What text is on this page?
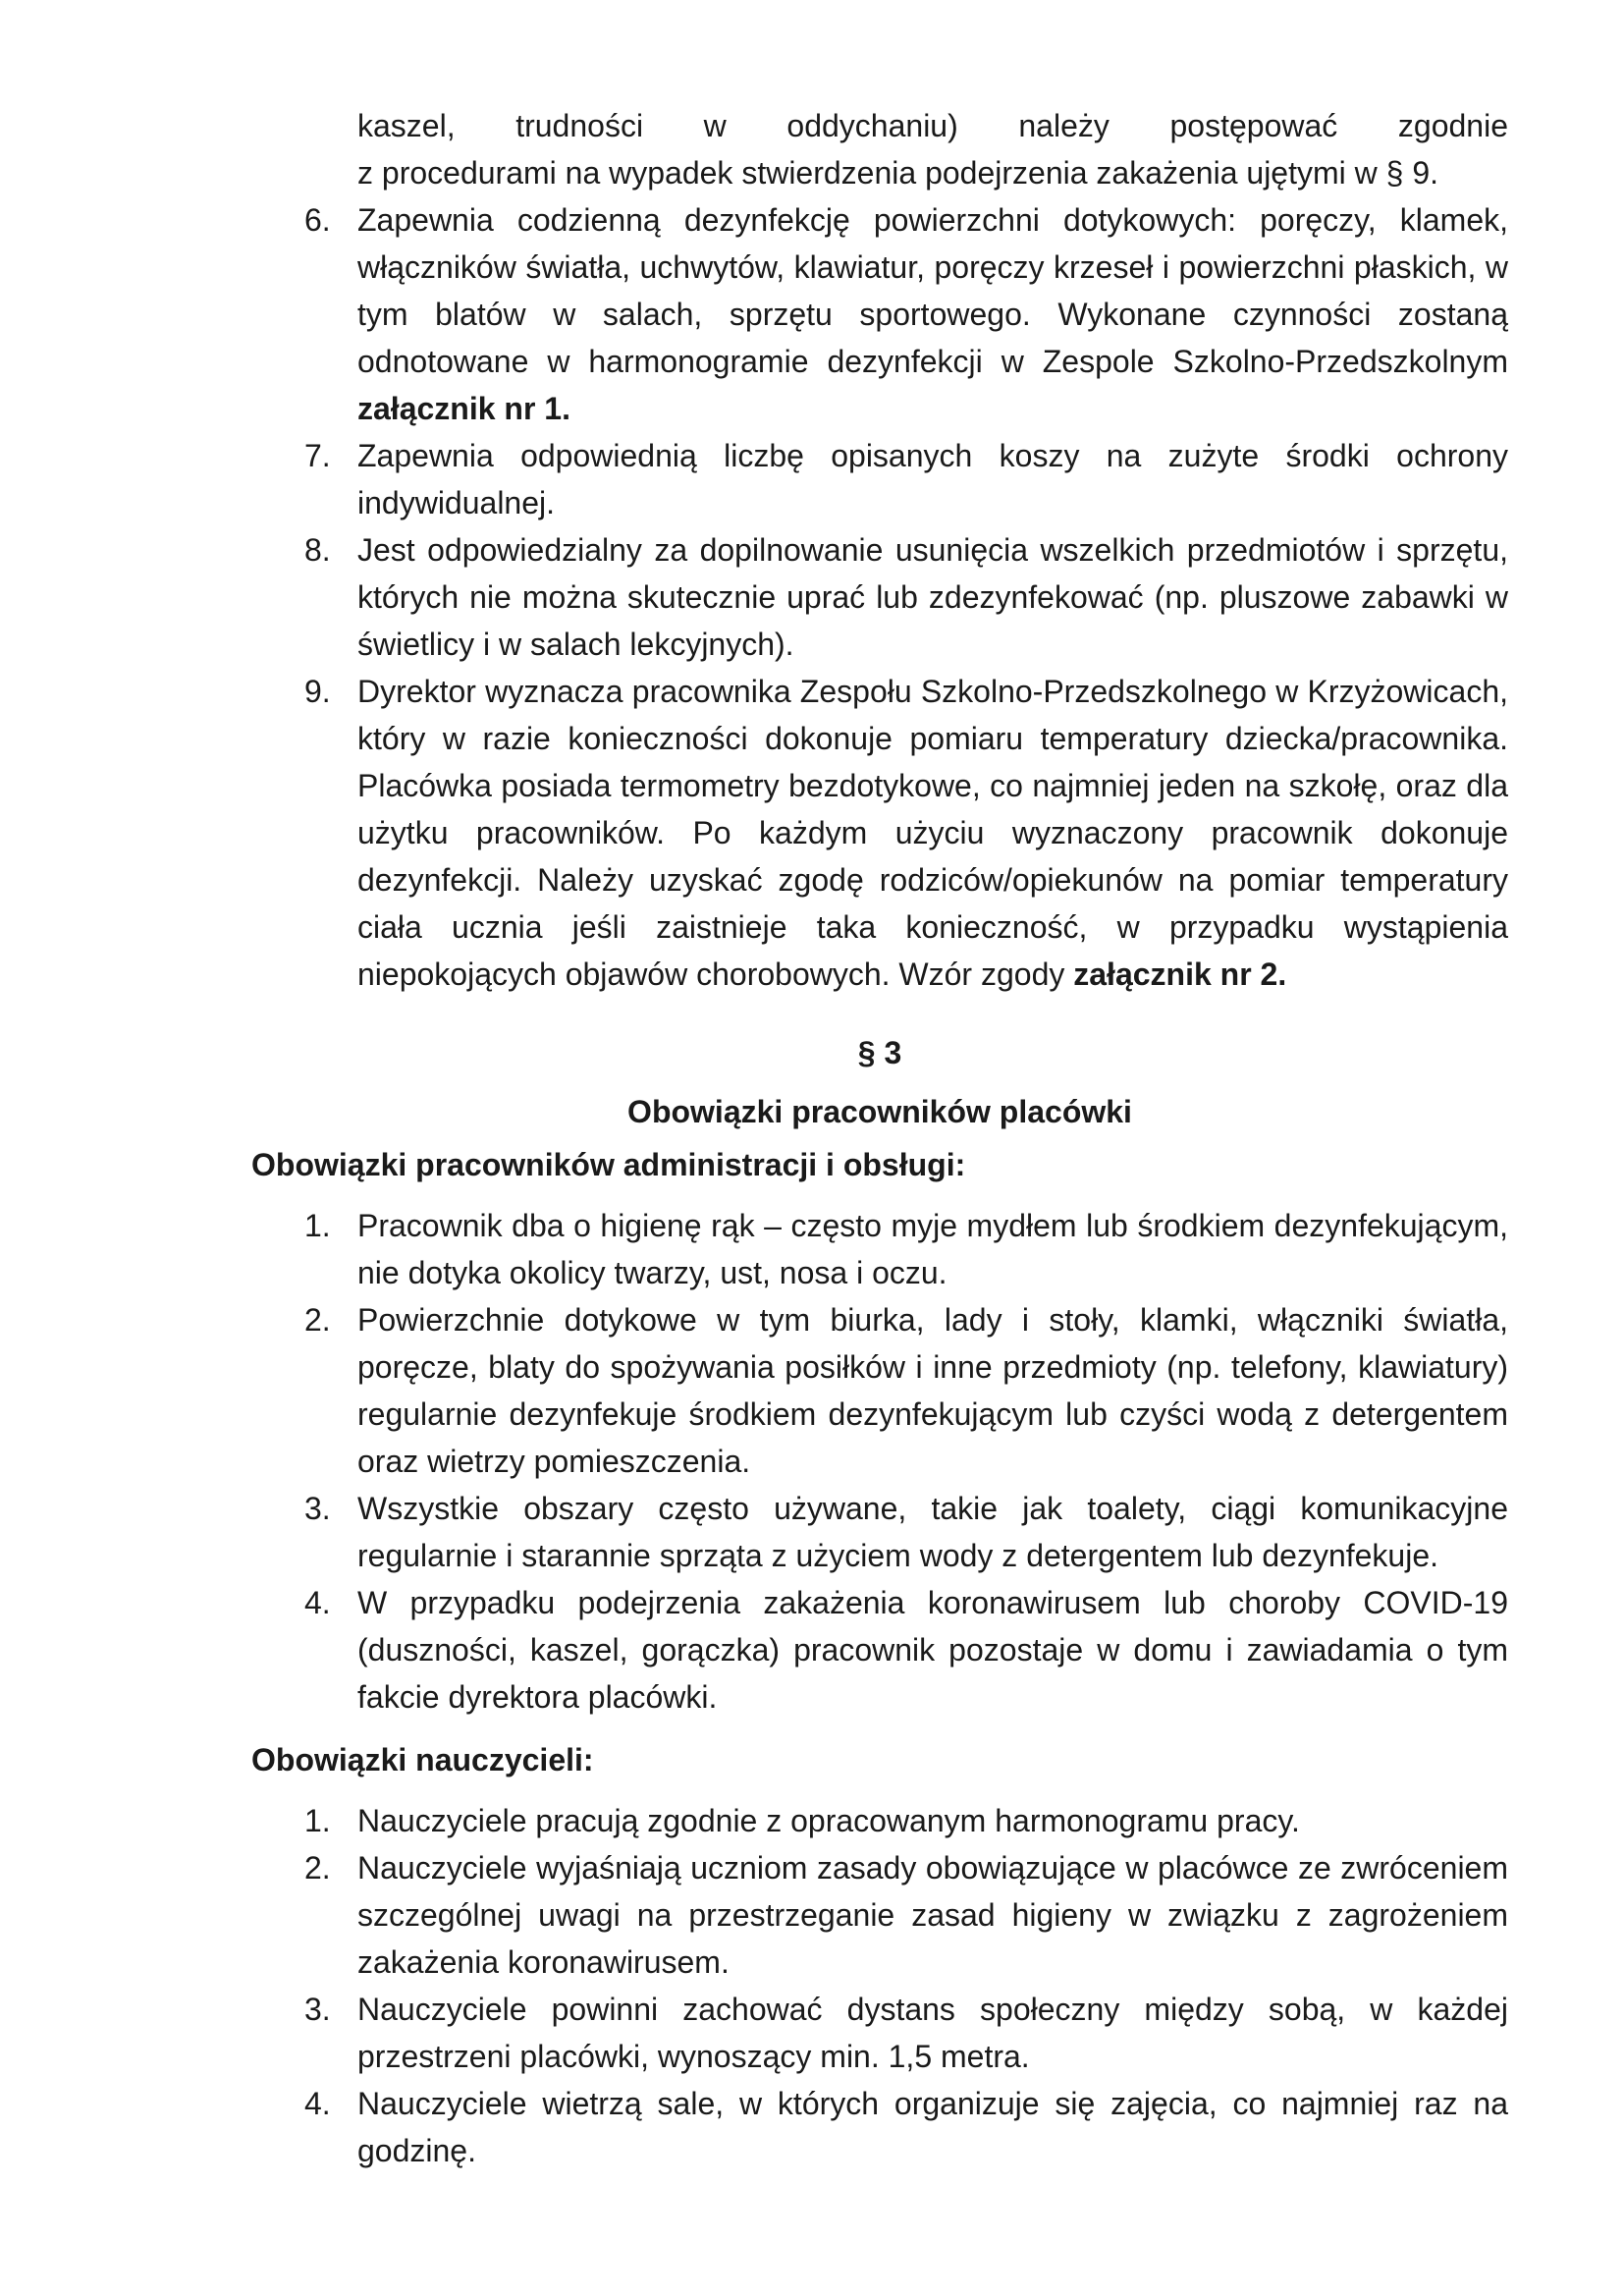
kaszel, trudności w oddychaniu) należy postępować zgodnie
z procedurami na wypadek stwierdzenia podejrzenia zakażenia ujętymi w § 9.
6. Zapewnia codzienną dezynfekcję powierzchni dotykowych: poręczy, klamek, włączników światła, uchwytów, klawiatur, poręczy krzeseł i powierzchni płaskich, w tym blatów w salach, sprzętu sportowego. Wykonane czynności zostaną odnotowane w harmonogramie dezynfekcji w Zespole Szkolno-Przedszkolnym załącznik nr 1.
7. Zapewnia odpowiednią liczbę opisanych koszy na zużyte środki ochrony indywidualnej.
8. Jest odpowiedzialny za dopilnowanie usunięcia wszelkich przedmiotów i sprzętu, których nie można skutecznie uprać lub zdezynfekować (np. pluszowe zabawki w świetlicy i w salach lekcyjnych).
9. Dyrektor wyznacza pracownika Zespołu Szkolno-Przedszkolnego w Krzyżowicach, który w razie konieczności dokonuje pomiaru temperatury dziecka/pracownika. Placówka posiada termometry bezdotykowe, co najmniej jeden na szkołę, oraz dla użytku pracowników. Po każdym użyciu wyznaczony pracownik dokonuje dezynfekcji. Należy uzyskać zgodę rodziców/opiekunów na pomiar temperatury ciała ucznia jeśli zaistnieje taka konieczność, w przypadku wystąpienia niepokojących objawów chorobowych. Wzór zgody załącznik nr 2.
§ 3
Obowiązki pracowników placówki
Obowiązki pracowników administracji i obsługi:
1. Pracownik dba o higienę rąk – często myje mydłem lub środkiem dezynfekującym, nie dotyka okolicy twarzy, ust, nosa i oczu.
2. Powierzchnie dotykowe w tym biurka, lady i stoły, klamki, włączniki światła, poręcze, blaty do spożywania posiłków i inne przedmioty (np. telefony, klawiatury) regularnie dezynfekuje środkiem dezynfekującym lub czyści wodą z detergentem oraz wietrzy pomieszczenia.
3. Wszystkie obszary często używane, takie jak toalety, ciągi komunikacyjne regularnie i starannie sprząta z użyciem wody z detergentem lub dezynfekuje.
4. W przypadku podejrzenia zakażenia koronawirusem lub choroby COVID-19 (duszności, kaszel, gorączka) pracownik pozostaje w domu i zawiadamia o tym fakcie dyrektora placówki.
Obowiązki nauczycieli:
1. Nauczyciele pracują zgodnie z opracowanym harmonogramu pracy.
2. Nauczyciele wyjaśniają uczniom zasady obowiązujące w placówce ze zwróceniem szczególnej uwagi na przestrzeganie zasad higieny w związku z zagrożeniem zakażenia koronawirusem.
3. Nauczyciele powinni zachować dystans społeczny między sobą, w każdej przestrzeni placówki, wynoszący min. 1,5 metra.
4. Nauczyciele wietrzą sale, w których organizuje się zajęcia, co najmniej raz na godzinę.
